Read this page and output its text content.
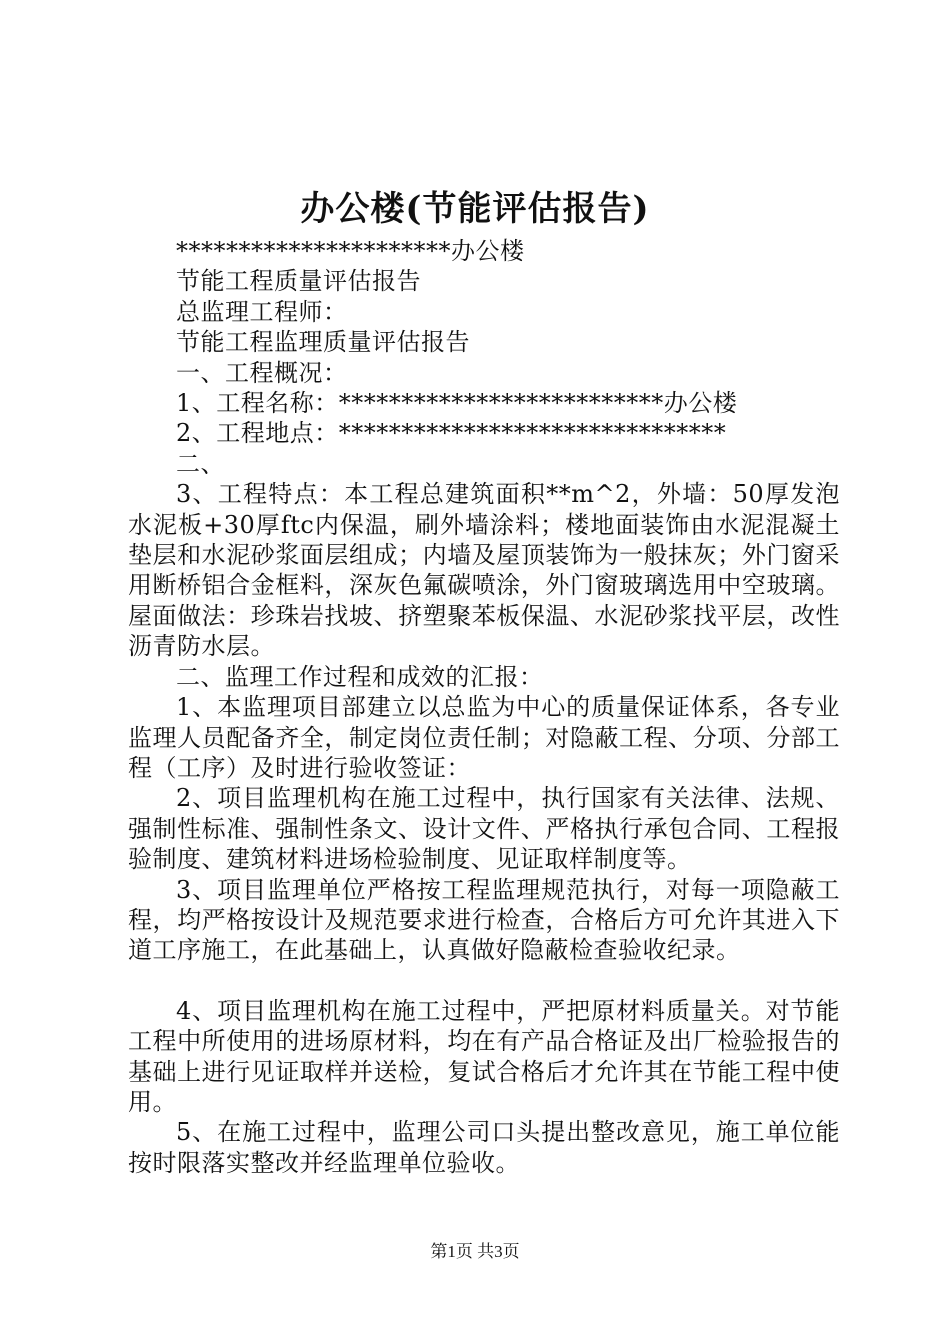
办公楼(节能评估报告)

**********************办公楼

节能工程质量评估报告

总监理工程师：

节能工程监理质量评估报告

一、工程概况：

1、工程名称：**************************办公楼

2、工程地点：*******************************

二、

3、工程特点：本工程总建筑面积**m^2，外墙：50厚发泡水泥板+30厚ftc内保温，刷外墙涂料；楼地面装饰由水泥混凝土垫层和水泥砂浆面层组成；内墙及屋顶装饰为一般抹灰；外门窗采用断桥铝合金框料，深灰色氟碳喷涂，外门窗玻璃选用中空玻璃。屋面做法：珍珠岩找坡、挤塑聚苯板保温、水泥砂浆找平层，改性沥青防水层。

二、监理工作过程和成效的汇报：

1、本监理项目部建立以总监为中心的质量保证体系，各专业监理人员配备齐全，制定岗位责任制；对隐蔽工程、分项、分部工程（工序）及时进行验收签证：

2、项目监理机构在施工过程中，执行国家有关法律、法规、强制性标准、强制性条文、设计文件、严格执行承包合同、工程报验制度、建筑材料进场检验制度、见证取样制度等。

3、项目监理单位严格按工程监理规范执行，对每一项隐蔽工程，均严格按设计及规范要求进行检查，合格后方可允许其进入下道工序施工，在此基础上，认真做好隐蔽检查验收纪录。

4、项目监理机构在施工过程中，严把原材料质量关。对节能工程中所使用的进场原材料，均在有产品合格证及出厂检验报告的基础上进行见证取样并送检，复试合格后才允许其在节能工程中使用。

5、在施工过程中，监理公司口头提出整改意见，施工单位能按时限落实整改并经监理单位验收。

第1页 共3页
